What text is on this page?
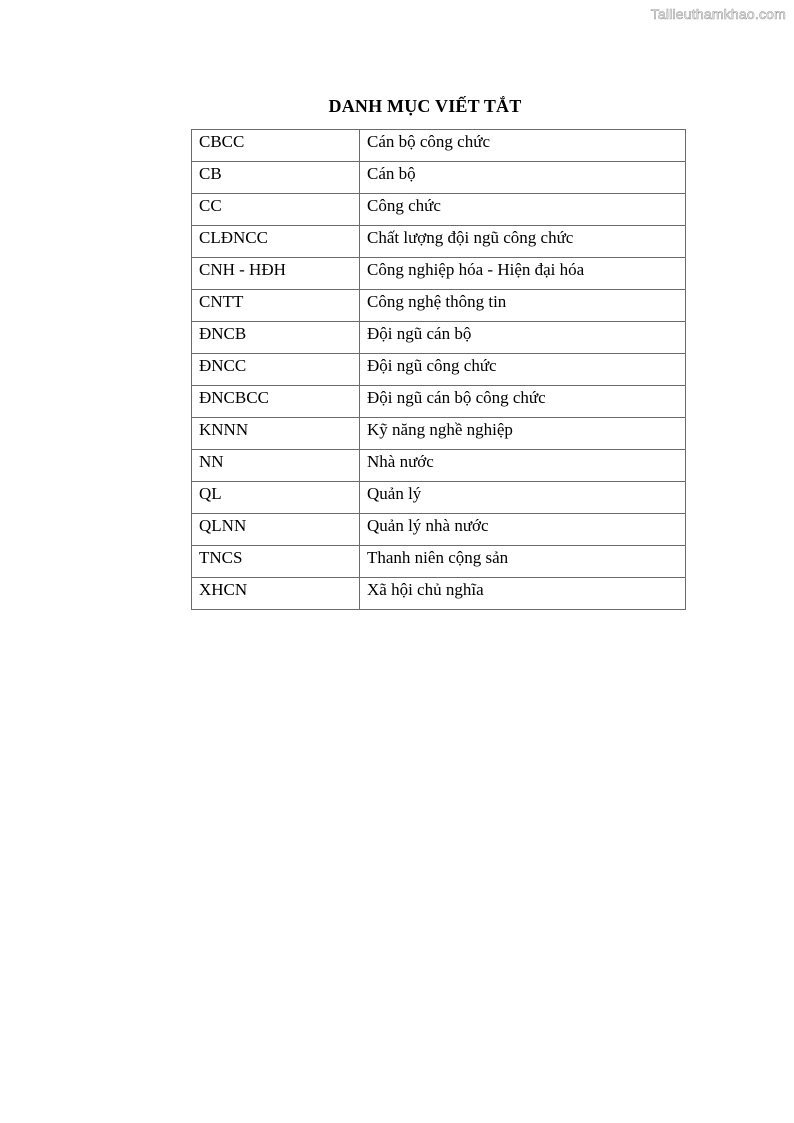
Tailieuthamkhao.com
DANH MỤC VIẾT TẮT
CBCC	Cán bộ công chức
CB	Cán bộ
CC	Công chức
CLĐNCC	Chất lượng đội ngũ công chức
CNH - HĐH	Công nghiệp hóa - Hiện đại hóa
CNTT	Công nghệ thông tin
ĐNCB	Đội ngũ cán bộ
ĐNCC	Đội ngũ công chức
ĐNCBCC	Đội ngũ cán bộ công chức
KNNN	Kỹ năng nghề nghiệp
NN	Nhà nước
QL	Quản lý
QLNN	Quản lý nhà nước
TNCS	Thanh niên cộng sản
XHCN	Xã hội chủ nghĩa
